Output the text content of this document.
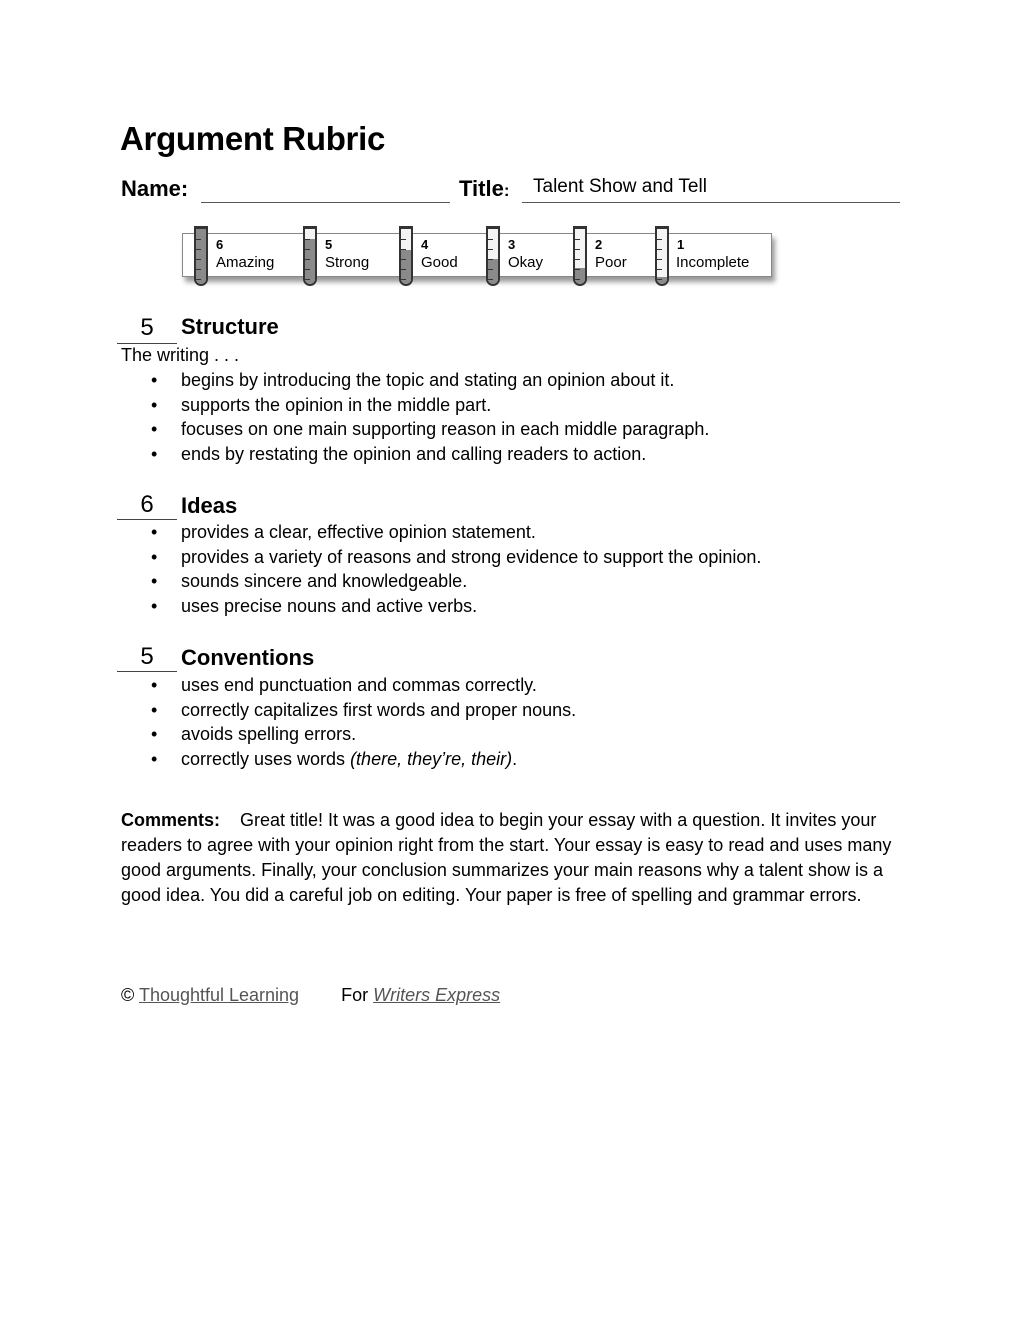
Argument Rubric
Name:	Title: Talent Show and Tell
6
Amazing
5
Strong
4
Good
3
Okay
2
Poor
1
Incomplete
5	Structure
The writing . . .
• begins by introducing the topic and stating an opinion about it.
• supports the opinion in the middle part.
• focuses on one main supporting reason in each middle paragraph.
• ends by restating the opinion and calling readers to action.
6	Ideas
• provides a clear, effective opinion statement.
• provides a variety of reasons and strong evidence to support the opinion.
• sounds sincere and knowledgeable.
• uses precise nouns and active verbs.
5	Conventions
• uses end punctuation and commas correctly.
• correctly capitalizes first words and proper nouns.
• avoids spelling errors.
• correctly uses words (there, they’re, their).
Comments: Great title! It was a good idea to begin your essay with a question. It invites your readers to agree with your opinion right from the start. Your essay is easy to read and uses many good arguments. Finally, your conclusion summarizes your main reasons why a talent show is a good idea. You did a careful job on editing. Your paper is free of spelling and grammar errors.
© Thoughtful Learning For Writers Express
